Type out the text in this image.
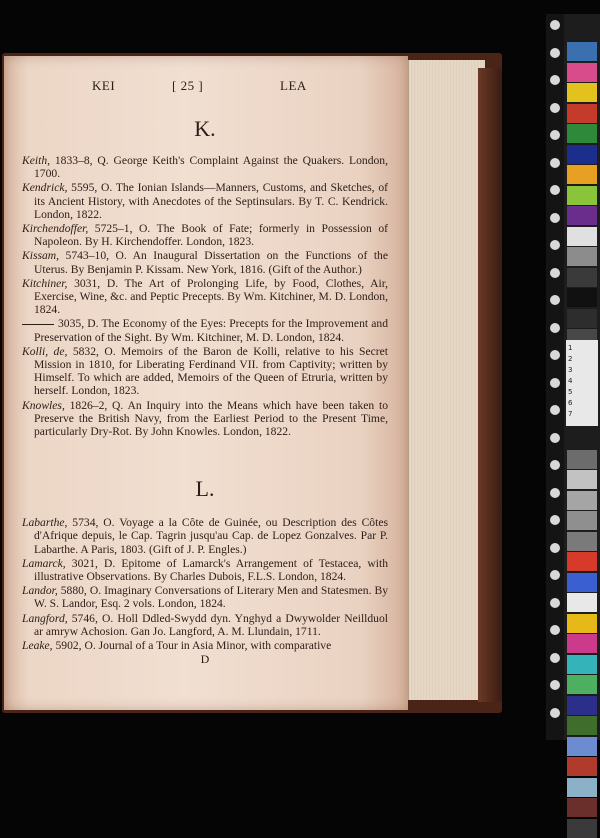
KEI	[ 25 ]	LEA
K.
Keith, 1833–8, Q. George Keith's Complaint Against the Quakers. London, 1700.
Kendrick, 5595, O. The Ionian Islands—Manners, Customs, and Sketches, of its Ancient History, with Anecdotes of the Septinsulars. By T. C. Kendrick. London, 1822.
Kirchendoffer, 5725–1, O. The Book of Fate; formerly in Possession of Napoleon. By H. Kirchendoffer. London, 1823.
Kissam, 5743–10, O. An Inaugural Dissertation on the Functions of the Uterus. By Benjamin P. Kissam. New York, 1816. (Gift of the Author.)
Kitchiner, 3031, D. The Art of Prolonging Life, by Food, Clothes, Air, Exercise, Wine, &c. and Peptic Precepts. By Wm. Kitchiner, M. D. London, 1824.
3035, D. The Economy of the Eyes: Precepts for the Improvement and Preservation of the Sight. By Wm. Kitchiner, M. D. London, 1824.
Kolli, de, 5832, O. Memoirs of the Baron de Kolli, relative to his Secret Mission in 1810, for Liberating Ferdinand VII. from Captivity; written by Himself. To which are added, Memoirs of the Queen of Etruria, written by herself. London, 1823.
Knowles, 1826–2, Q. An Inquiry into the Means which have been taken to Preserve the British Navy, from the Earliest Period to the Present Time, particularly Dry-Rot. By John Knowles. London, 1822.
L.
Labarthe, 5734, O. Voyage a la Côte de Guinée, ou Description des Côtes d'Afrique depuis, le Cap. Tagrin jusqu'au Cap. de Lopez Gonzalves. Par P. Labarthe. A Paris, 1803. (Gift of J. P. Engles.)
Lamarck, 3021, D. Epitome of Lamarck's Arrangement of Testacea, with illustrative Observations. By Charles Dubois, F.L.S. London, 1824.
Landor, 5880, O. Imaginary Conversations of Literary Men and Statesmen. By W. S. Landor, Esq. 2 vols. London, 1824.
Langford, 5746, O. Holl Ddled-Swydd dyn. Ynghyd a Dwywolder Neillduol ar amryw Achosion. Gan Jo. Langford, A. M. Llundain, 1711.
Leake, 5902, O. Journal of a Tour in Asia Minor, with comparative
D
1
2
3
4
5
6
7
